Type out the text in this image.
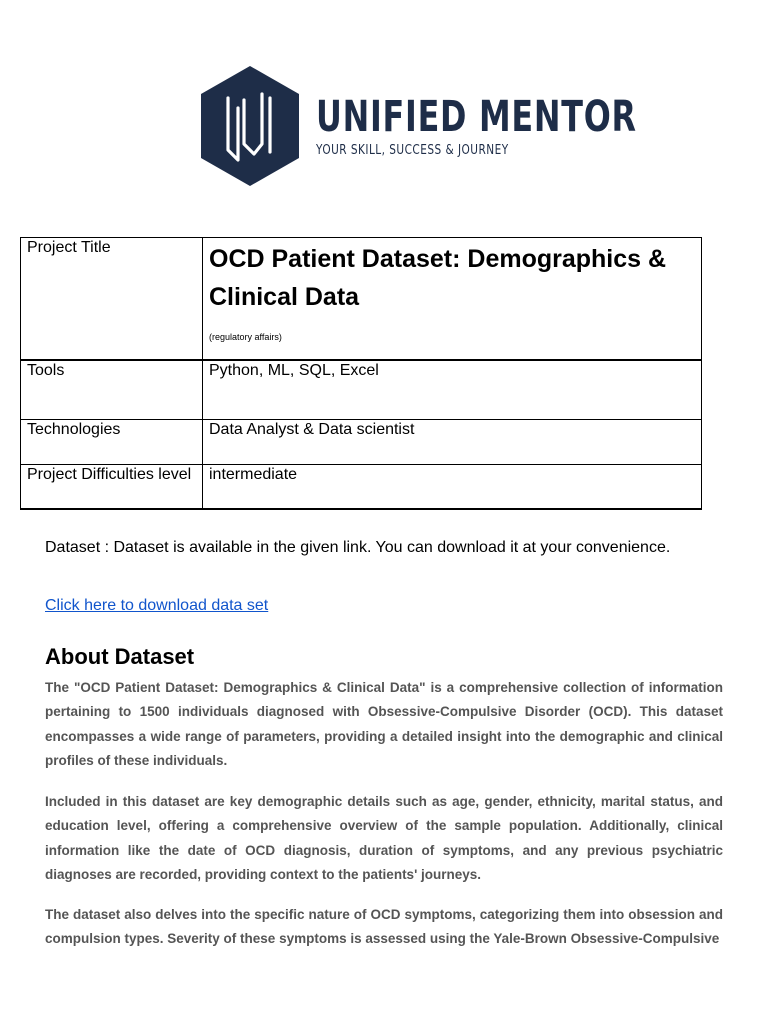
UNIFIED MENTOR
YOUR SKILL, SUCCESS & JOURNEY
Project Title	OCD Patient Dataset: Demographics & Clinical Data
(regulatory affairs)

Tools	Python, ML, SQL, Excel
Technologies	Data Analyst & Data scientist
Project Difficulties level	intermediate
Dataset : Dataset is available in the given link. You can download it at your convenience.
Click here to download data set
About Dataset

The "OCD Patient Dataset: Demographics & Clinical Data" is a comprehensive collection of information pertaining to 1500 individuals diagnosed with Obsessive-Compulsive Disorder (OCD). This dataset encompasses a wide range of parameters, providing a detailed insight into the demographic and clinical profiles of these individuals.

Included in this dataset are key demographic details such as age, gender, ethnicity, marital status, and education level, offering a comprehensive overview of the sample population. Additionally, clinical information like the date of OCD diagnosis, duration of symptoms, and any previous psychiatric diagnoses are recorded, providing context to the patients' journeys.

The dataset also delves into the specific nature of OCD symptoms, categorizing them into obsession and compulsion types. Severity of these symptoms is assessed using the Yale-Brown Obsessive-Compulsive
